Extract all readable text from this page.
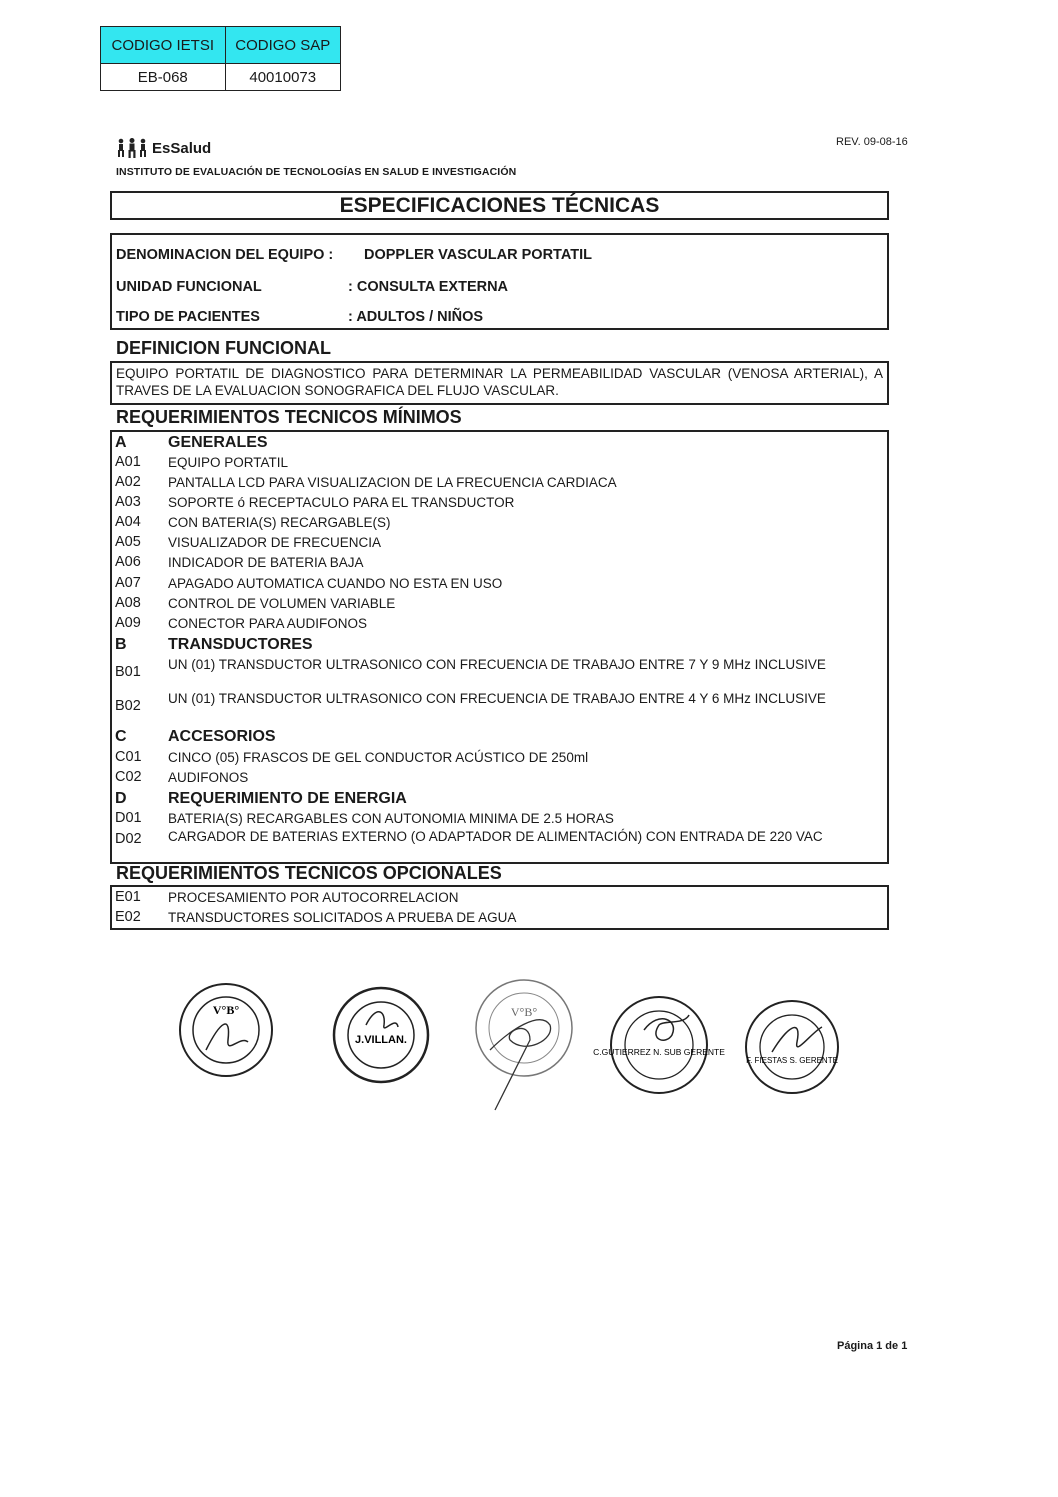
CODIGO IETSI	CODIGO SAP
EB-068	40010073
EsSalud
INSTITUTO DE EVALUACIÓN DE TECNOLOGÍAS EN SALUD E INVESTIGACIÓN
REV. 09-08-16
ESPECIFICACIONES TÉCNICAS
DENOMINACION DEL EQUIPO : DOPPLER VASCULAR PORTATIL
UNIDAD FUNCIONAL	: CONSULTA EXTERNA
TIPO DE PACIENTES	: ADULTOS / NIÑOS
DEFINICION FUNCIONAL
EQUIPO PORTATIL DE DIAGNOSTICO PARA DETERMINAR LA PERMEABILIDAD VASCULAR (VENOSA ARTERIAL), A TRAVES DE LA EVALUACION SONOGRAFICA DEL FLUJO VASCULAR.
REQUERIMIENTOS TECNICOS MÍNIMOS
A	GENERALES
A01 EQUIPO PORTATIL
A02 PANTALLA LCD PARA VISUALIZACION DE LA FRECUENCIA CARDIACA
A03 SOPORTE ó RECEPTACULO PARA EL TRANSDUCTOR
A04 CON BATERIA(S) RECARGABLE(S)
A05 VISUALIZADOR DE FRECUENCIA
A06 INDICADOR DE BATERIA BAJA
A07 APAGADO AUTOMATICA CUANDO NO ESTA EN USO
A08 CONTROL DE VOLUMEN VARIABLE
A09 CONECTOR PARA AUDIFONOS
B	TRANSDUCTORES
B01 UN (01) TRANSDUCTOR ULTRASONICO CON FRECUENCIA DE TRABAJO ENTRE 7 Y 9 MHz INCLUSIVE
B02 UN (01) TRANSDUCTOR ULTRASONICO CON FRECUENCIA DE TRABAJO ENTRE 4 Y 6 MHz INCLUSIVE
C	ACCESORIOS
C01 CINCO (05) FRASCOS DE GEL CONDUCTOR ACÚSTICO DE 250ml
C02 AUDIFONOS
D	REQUERIMIENTO DE ENERGIA
D01 BATERIA(S) RECARGABLES CON AUTONOMIA MINIMA DE 2.5 HORAS
D02 CARGADOR DE BATERIAS EXTERNO (O ADAPTADOR DE ALIMENTACIÓN) CON ENTRADA DE 220 VAC
REQUERIMIENTOS TECNICOS OPCIONALES
E01 PROCESAMIENTO POR AUTOCORRELACION
E02 TRANSDUCTORES SOLICITADOS A PRUEBA DE AGUA
V°B°
J.VILLAN.
V°B°
C.GUTIERREZ N. SUB GERENTE
F. FIESTAS S. GERENTE
Página 1 de 1
